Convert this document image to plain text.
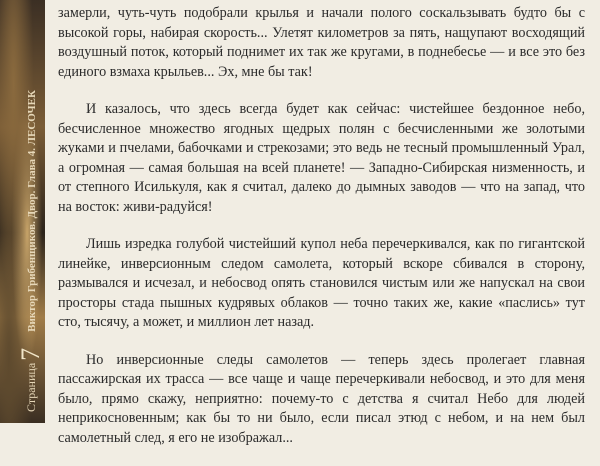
Страница7Виктор Грибенщиков. Двор. Глава 4. ЛЕСОЧЕК

замерли, чуть-чуть подобрали крылья и начали полого соскальзывать будто бы с высокой горы, набирая скорость... Улетят километров за пять, нащупают восходящий воздушный поток, который поднимет их так же кругами, в поднебесье — и все это без единого взмаха крыльев... Эх, мне бы так!

И казалось, что здесь всегда будет как сейчас: чистейшее бездонное небо, бесчисленное множество ягодных щедрых полян с бесчисленными же золотыми жуками и пчелами, бабочками и стрекозами; это ведь не тесный промышленный Урал, а огромная — самая большая на всей планете! — Западно-Сибирская низменность, и от степного Исилькуля, как я считал, далеко до дымных заводов — что на запад, что на восток: живи-радуйся!

Лишь изредка голубой чистейший купол неба перечеркивался, как по гигантской линейке, инверсионным следом самолета, который вскоре сбивался в сторону, размывался и исчезал, и небосвод опять становился чистым или же напускал на свои просторы стада пышных кудрявых облаков — точно таких же, какие «паслись» тут сто, тысячу, а может, и миллион лет назад.

Но инверсионные следы самолетов — теперь здесь пролегает главная пассажирская их трасса — все чаще и чаще перечеркивали небосвод, и это для меня было, прямо скажу, неприятно: почему-то с детства я считал Небо для людей неприкосновенным; как бы то ни было, если писал этюд с небом, и на нем был самолетный след, я его не изображал...
